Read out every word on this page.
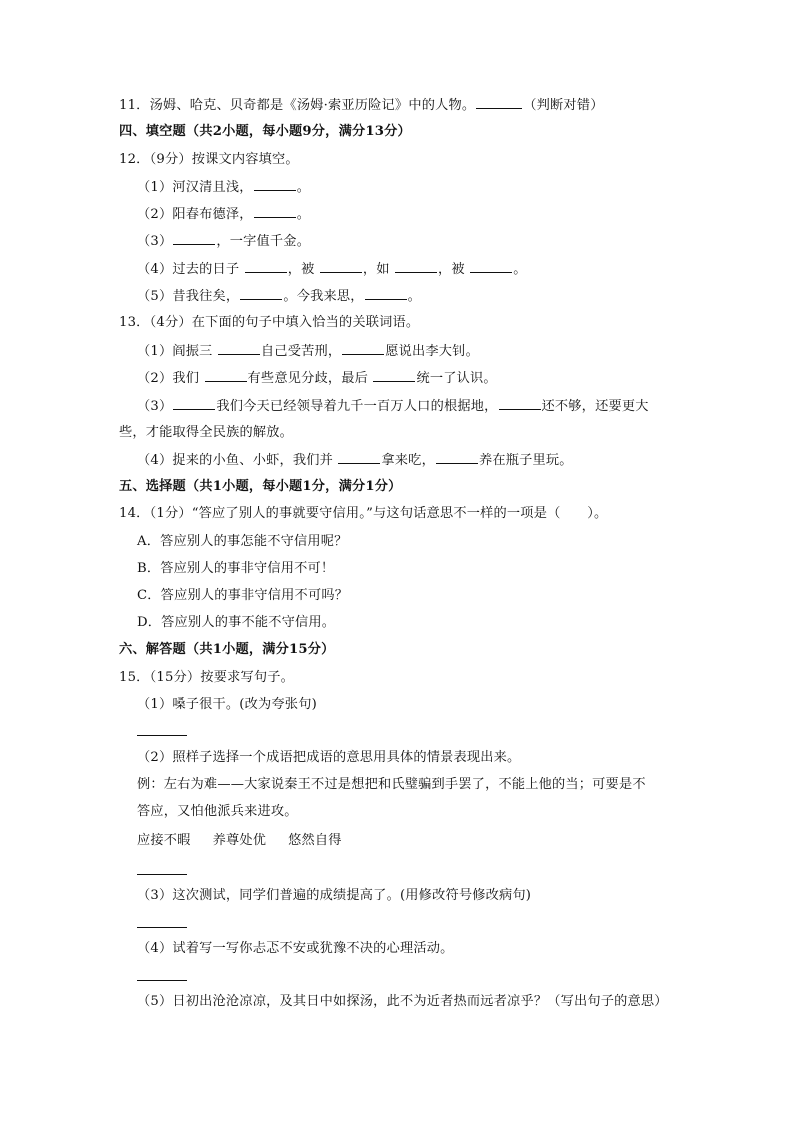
11．汤姆、哈克、贝奇都是《汤姆·索亚历险记》中的人物。	（判断对错）
四、填空题（共2小题，每小题9分，满分13分）
12．（9分）按课文内容填空。
（1）河汉清且浅，	。
（2）阳春布德泽，	。
（3）	，一字值千金。
（4）过去的日子	，被	，如	，被	。
（5）昔我往矣，	。今我来思，	。
13．（4分）在下面的句子中填入恰当的关联词语。
（1）阎振三	自己受苦刑，	愿说出李大钊。
（2）我们	有些意见分歧，最后	统一了认识。
（3）	我们今天已经领导着九千一百万人口的根据地，	还不够，还要更大
些，才能取得全民族的解放。
（4）捉来的小鱼、小虾，我们并	拿来吃，	养在瓶子里玩。
五、选择题（共1小题，每小题1分，满分1分）
14．（1分）“答应了别人的事就要守信用。”与这句话意思不一样的一项是（　　）。
A．答应别人的事怎能不守信用呢？
B．答应别人的事非守信用不可！
C．答应别人的事非守信用不可吗？
D．答应别人的事不能不守信用。
六、解答题（共1小题，满分15分）
15．（15分）按要求写句子。
（1）嗓子很干。(改为夸张句)
（2）照样子选择一个成语把成语的意思用具体的情景表现出来。
例：左右为难——大家说秦王不过是想把和氏璧骗到手罢了，不能上他的当；可要是不
答应，又怕他派兵来进攻。
应接不暇 养尊处优 悠然自得
（3）这次测试，同学们普遍的成绩提高了。(用修改符号修改病句)
（4）试着写一写你忐忑不安或犹豫不决的心理活动。
（5）日初出沧沧凉凉，及其日中如探汤，此不为近者热而远者凉乎？（写出句子的意思）
